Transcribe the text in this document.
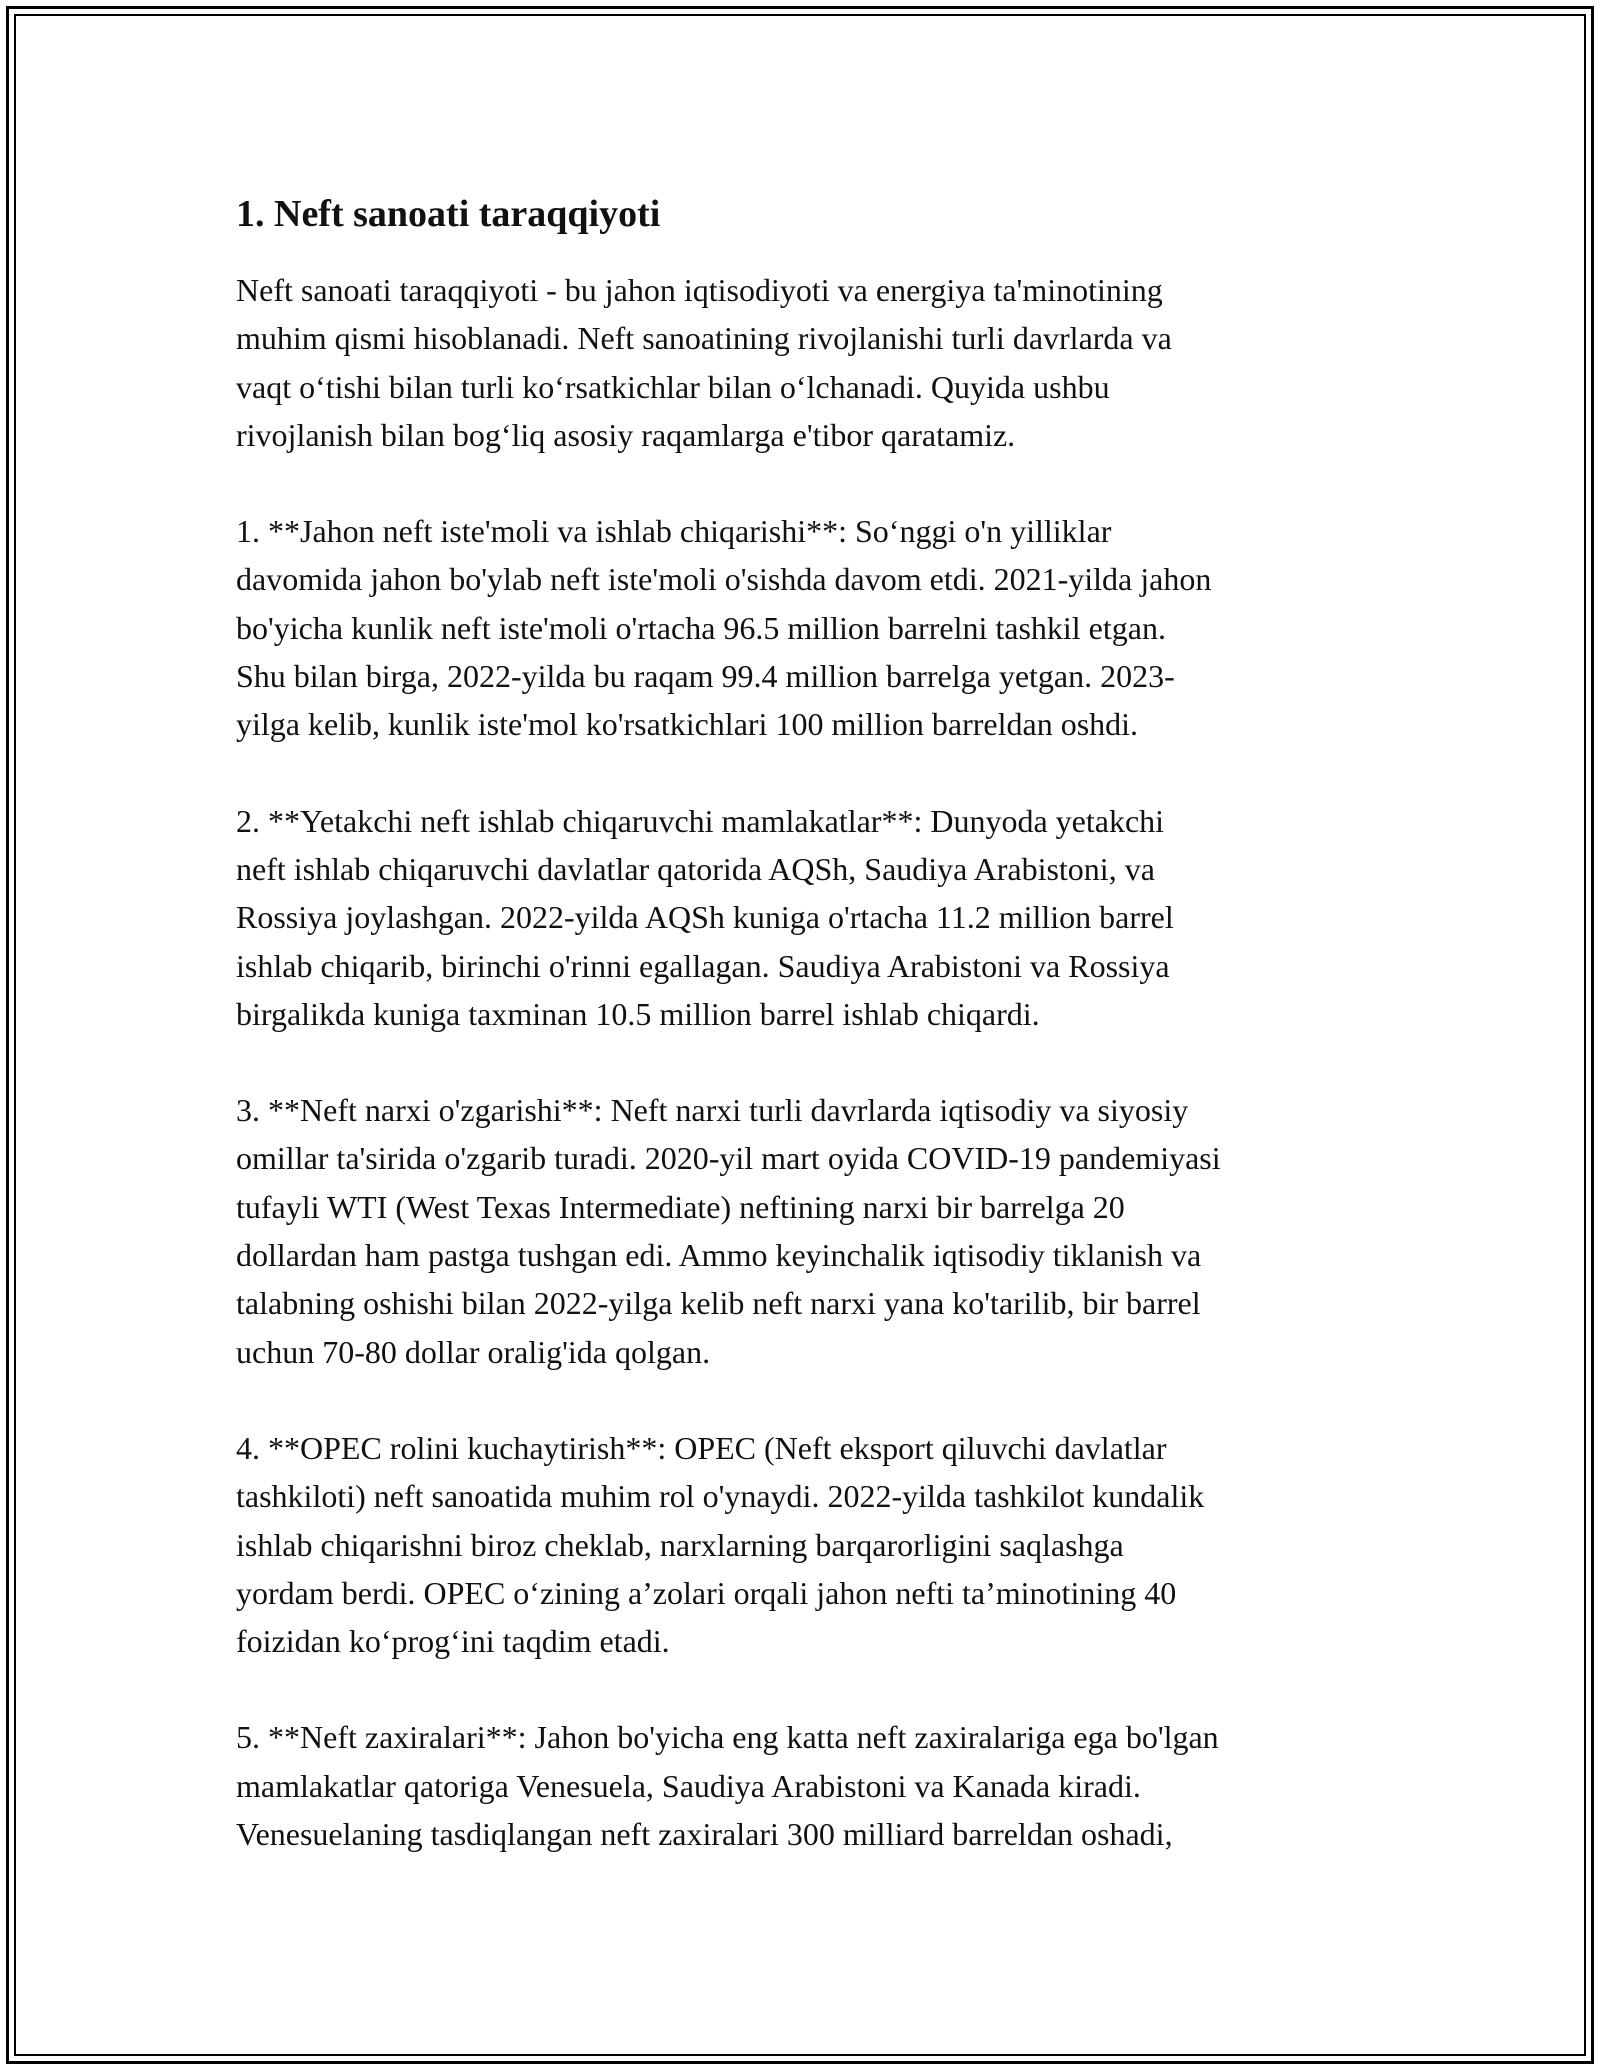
1. Neft sanoati taraqqiyoti

Neft sanoati taraqqiyoti - bu jahon iqtisodiyoti va energiya ta'minotining
muhim qismi hisoblanadi. Neft sanoatining rivojlanishi turli davrlarda va
vaqt o‘tishi bilan turli ko‘rsatkichlar bilan o‘lchanadi. Quyida ushbu
rivojlanish bilan bog‘liq asosiy raqamlarga e'tibor qaratamiz.

1. **Jahon neft iste'moli va ishlab chiqarishi**: So‘nggi o'n yilliklar
davomida jahon bo'ylab neft iste'moli o'sishda davom etdi. 2021-yilda jahon
bo'yicha kunlik neft iste'moli o'rtacha 96.5 million barrelni tashkil etgan.
Shu bilan birga, 2022-yilda bu raqam 99.4 million barrelga yetgan. 2023-
yilga kelib, kunlik iste'mol ko'rsatkichlari 100 million barreldan oshdi.

2. **Yetakchi neft ishlab chiqaruvchi mamlakatlar**: Dunyoda yetakchi
neft ishlab chiqaruvchi davlatlar qatorida AQSh, Saudiya Arabistoni, va
Rossiya joylashgan. 2022-yilda AQSh kuniga o'rtacha 11.2 million barrel
ishlab chiqarib, birinchi o'rinni egallagan. Saudiya Arabistoni va Rossiya
birgalikda kuniga taxminan 10.5 million barrel ishlab chiqardi.

3. **Neft narxi o'zgarishi**: Neft narxi turli davrlarda iqtisodiy va siyosiy
omillar ta'sirida o'zgarib turadi. 2020-yil mart oyida COVID-19 pandemiyasi
tufayli WTI (West Texas Intermediate) neftining narxi bir barrelga 20
dollardan ham pastga tushgan edi. Ammo keyinchalik iqtisodiy tiklanish va
talabning oshishi bilan 2022-yilga kelib neft narxi yana ko'tarilib, bir barrel
uchun 70-80 dollar oralig'ida qolgan.

4. **OPEC rolini kuchaytirish**: OPEC (Neft eksport qiluvchi davlatlar
tashkiloti) neft sanoatida muhim rol o'ynaydi. 2022-yilda tashkilot kundalik
ishlab chiqarishni biroz cheklab, narxlarning barqarorligini saqlashga
yordam berdi. OPEC o‘zining a’zolari orqali jahon nefti ta’minotining 40
foizidan ko‘prog‘ini taqdim etadi.

5. **Neft zaxiralari**: Jahon bo'yicha eng katta neft zaxiralariga ega bo'lgan
mamlakatlar qatoriga Venesuela, Saudiya Arabistoni va Kanada kiradi.
Venesuelaning tasdiqlangan neft zaxiralari 300 milliard barreldan oshadi,
